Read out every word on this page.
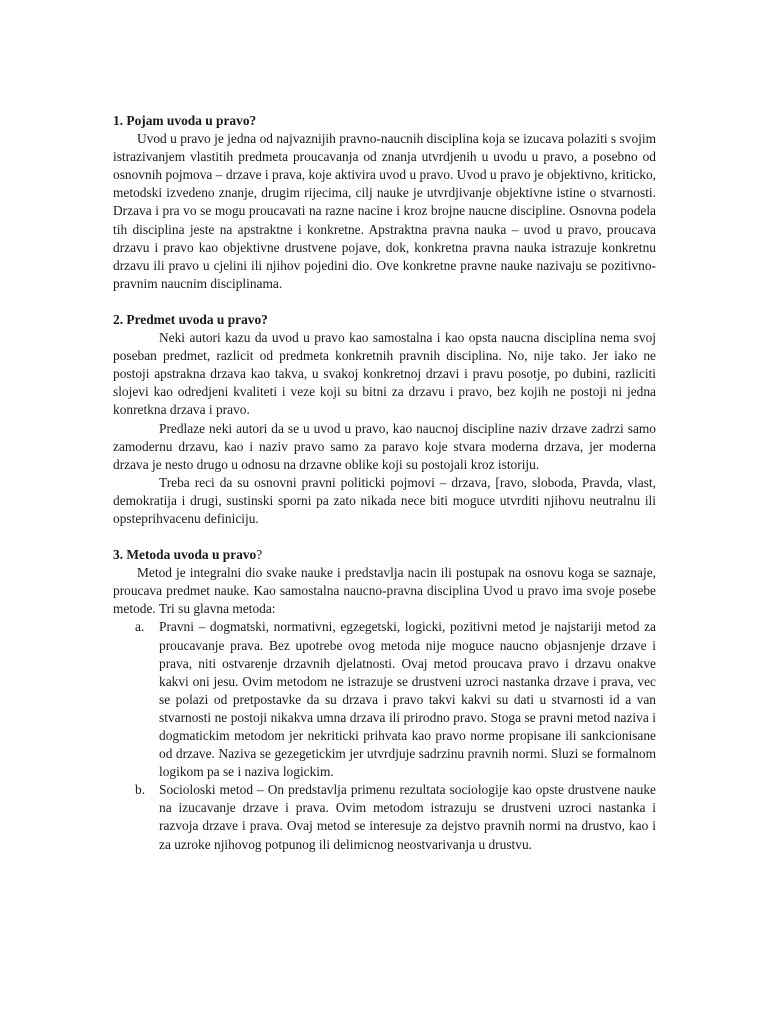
1. Pojam uvoda u pravo?

Uvod u pravo je jedna od najvaznijih pravno-naucnih disciplina koja se izucava polaziti s svojim istrazivanjem vlastitih predmeta proucavanja od znanja utvrdjenih u uvodu u pravo, a posebno od osnovnih pojmova – drzave i prava, koje aktivira uvod u pravo. Uvod u pravo je objektivno, kriticko, metodski izvedeno znanje, drugim rijecima, cilj nauke je utvrdjivanje objektivne istine o stvarnosti. Drzava i pra vo se mogu proucavati na razne nacine i kroz brojne naucne discipline. Osnovna podela tih disciplina jeste na apstraktne i konkretne. Apstraktna pravna nauka – uvod u pravo, proucava drzavu i pravo kao objektivne drustvene pojave, dok, konkretna pravna nauka istrazuje konkretnu drzavu ili pravo u cjelini ili njihov pojedini dio. Ove konkretne pravne nauke nazivaju se pozitivno-pravnim naucnim disciplinama.

2. Predmet uvoda u pravo?

Neki autori kazu da uvod u pravo kao samostalna i kao opsta naucna disciplina nema svoj poseban predmet, razlicit od predmeta konkretnih pravnih disciplina. No, nije tako. Jer iako ne postoji apstrakna drzava kao takva, u svakoj konkretnoj drzavi i pravu posotje, po dubini, razliciti slojevi kao odredjeni kvaliteti i veze koji su bitni za drzavu i pravo, bez kojih ne postoji ni jedna konretkna drzava i pravo.

Predlaze neki autori da se u uvod u pravo, kao naucnoj discipline naziv drzave zadrzi samo zamodernu drzavu, kao i naziv pravo samo za paravo koje stvara moderna drzava, jer moderna drzava je nesto drugo u odnosu na drzavne oblike koji su postojali kroz istoriju.

Treba reci da su osnovni pravni politicki pojmovi – drzava, [ravo, sloboda, Pravda, vlast, demokratija i drugi, sustinski sporni pa zato nikada nece biti moguce utvrditi njihovu neutralnu ili opsteprihvacenu definiciju.

3. Metoda uvoda u pravo?

Metod je integralni dio svake nauke i predstavlja nacin ili postupak na osnovu koga se saznaje, proucava predmet nauke. Kao samostalna naucno-pravna disciplina Uvod u pravo ima svoje posebe metode. Tri su glavna metoda:

a. Pravni – dogmatski, normativni, egzegetski, logicki, pozitivni metod je najstariji metod za proucavanje prava. Bez upotrebe ovog metoda nije moguce naucno objasnjenje drzave i prava, niti ostvarenje drzavnih djelatnosti. Ovaj metod proucava pravo i drzavu onakve kakvi oni jesu. Ovim metodom ne istrazuje se drustveni uzroci nastanka drzave i prava, vec se polazi od pretpostavke da su drzava i pravo takvi kakvi su dati u stvarnosti id a van stvarnosti ne postoji nikakva umna drzava ili prirodno pravo. Stoga se pravni metod naziva i dogmatickim metodom jer nekriticki prihvata kao pravo norme propisane ili sankcionisane od drzave. Naziva se gezegetickim jer utvrdjuje sadrzinu pravnih normi. Sluzi se formalnom logikom pa se i naziva logickim.
b. Socioloski metod – On predstavlja primenu rezultata sociologije kao opste drustvene nauke na izucavanje drzave i prava. Ovim metodom istrazuju se drustveni uzroci nastanka i razvoja drzave i prava. Ovaj metod se interesuje za dejstvo pravnih normi na drustvo, kao i za uzroke njihovog potpunog ili delimicnog neostvarivanja u drustvu.
